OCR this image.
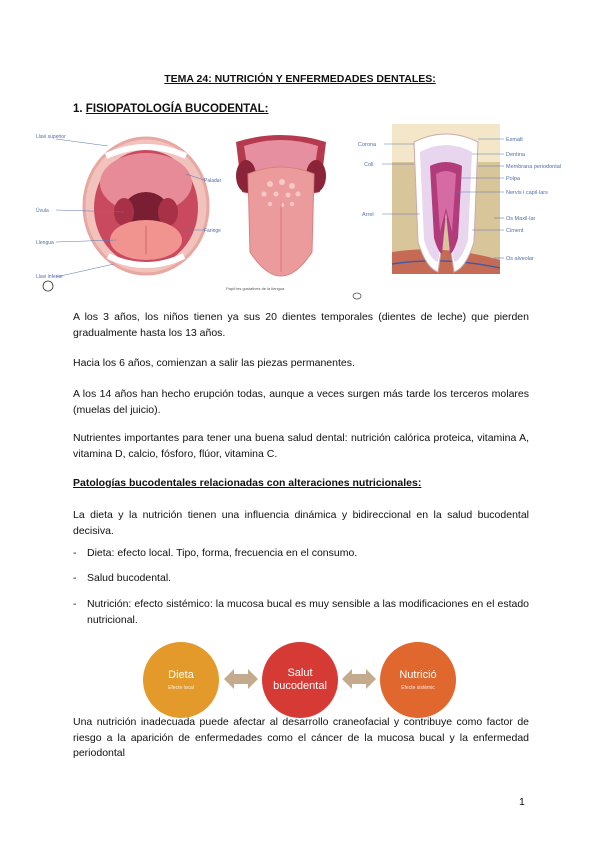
TEMA 24: NUTRICIÓN Y ENFERMEDADES DENTALES:
1. FISIOPATOLOGÍA BUCODENTAL:
Llavi superior
Paladar
Úvula
Faringe
Llengua
Llavi inferior
Papil·les gustatives de la llengua
Corona
Coll
Arrel
Esmalt
Dentina
Membrana periodontal
Polpa
Nervis i capil·lars
Os Maxil·lar
Ciment
Os alveolar

A los 3 años, los niños tienen ya sus 20 dientes temporales (dientes de leche) que pierden gradualmente hasta los 13 años.

Hacia los 6 años, comienzan a salir las piezas permanentes.

A los 14 años han hecho erupción todas, aunque a veces surgen más tarde los terceros molares (muelas del juicio).

Nutrientes importantes para tener una buena salud dental: nutrición calórica proteica, vitamina A, vitamina D, calcio, fósforo, flúor, vitamina C.

Patologías bucodentales relacionadas con alteraciones nutricionales:

La dieta y la nutrición tienen una influencia dinámica y bidireccional en la salud bucodental decisiva.

- Dieta: efecto local. Tipo, forma, frecuencia en el consumo.
- Salud bucodental.
- Nutrición: efecto sistémico: la mucosa bucal es muy sensible a las modificaciones en el estado nutricional.
Dieta
Efecte local
Salut bucodental
Nutrició
Efecte sistèmic

Una nutrición inadecuada puede afectar al desarrollo craneofacial y contribuye como factor de riesgo a la aparición de enfermedades como el cáncer de la mucosa bucal y la enfermedad periodontal

1
